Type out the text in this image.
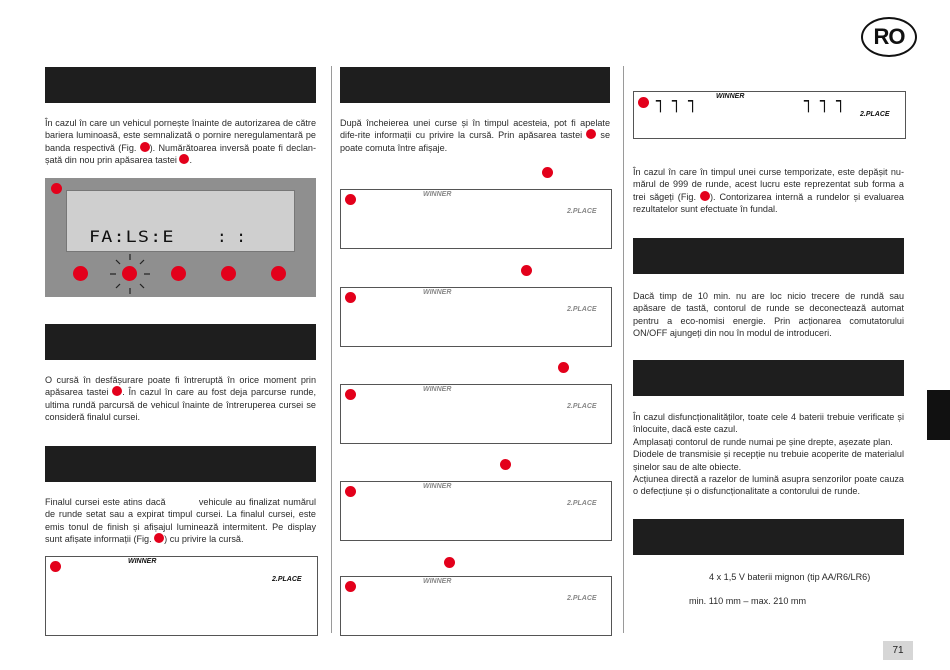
RO
În cazul în care un vehicul pornește înainte de autorizarea de către bariera luminoasă, este semnalizată o pornire neregulamentară pe banda respectivă (Fig. ). Numărătoarea inversă poate fi declan-șată din nou prin apăsarea tastei .
FA:LS:E	: :
O cursă în desfășurare poate fi întreruptă în orice moment prin apăsarea tastei . În cazul în care au fost deja parcurse runde, ultima rundă parcursă de vehicul înainte de întreruperea cursei se consideră finalul cursei.
Finalul cursei este atins dacă	vehicule au finalizat numărul de runde setat sau a expirat timpul cursei. La finalul cursei, este emis tonul de finish și afișajul luminează intermitent. Pe display sunt afișate informații (Fig. ) cu privire la cursă.
WINNER
2.PLACE
După încheierea unei curse și în timpul acesteia, pot fi apelate dife-rite informații cu privire la cursă. Prin apăsarea tastei  se poate comuta între afișaje.
WINNER
2.PLACE
WINNER
2.PLACE
WINNER
2.PLACE
WINNER
2.PLACE
WINNER
2.PLACE
┐ ┐ ┐	WINNER	┐ ┐ ┐
2.PLACE
În cazul în care în timpul unei curse temporizate, este depășit nu-mărul de 999 de runde, acest lucru este reprezentat sub forma a trei săgeți (Fig. ). Contorizarea internă a rundelor și evaluarea rezultatelor sunt efectuate în fundal.
Dacă timp de 10 min. nu are loc nicio trecere de rundă sau apăsare de tastă, contorul de runde se deconectează automat pentru a eco-nomisi energie. Prin acționarea comutatorului ON/OFF ajungeți din nou în modul de introduceri.

În cazul disfuncționalităților, toate cele 4 baterii trebuie verificate și înlocuite, dacă este cazul.

Amplasați contorul de runde numai pe șine drepte, așezate plan.

Diodele de transmisie și recepție nu trebuie acoperite de materialul șinelor sau de alte obiecte.

Acțiunea directă a razelor de lumină asupra senzorilor poate cauza o defecțiune și o disfuncționalitate a contorului de runde.

4 x 1,5 V baterii mignon (tip AA/R6/LR6)
min. 110 mm – max. 210 mm
71
